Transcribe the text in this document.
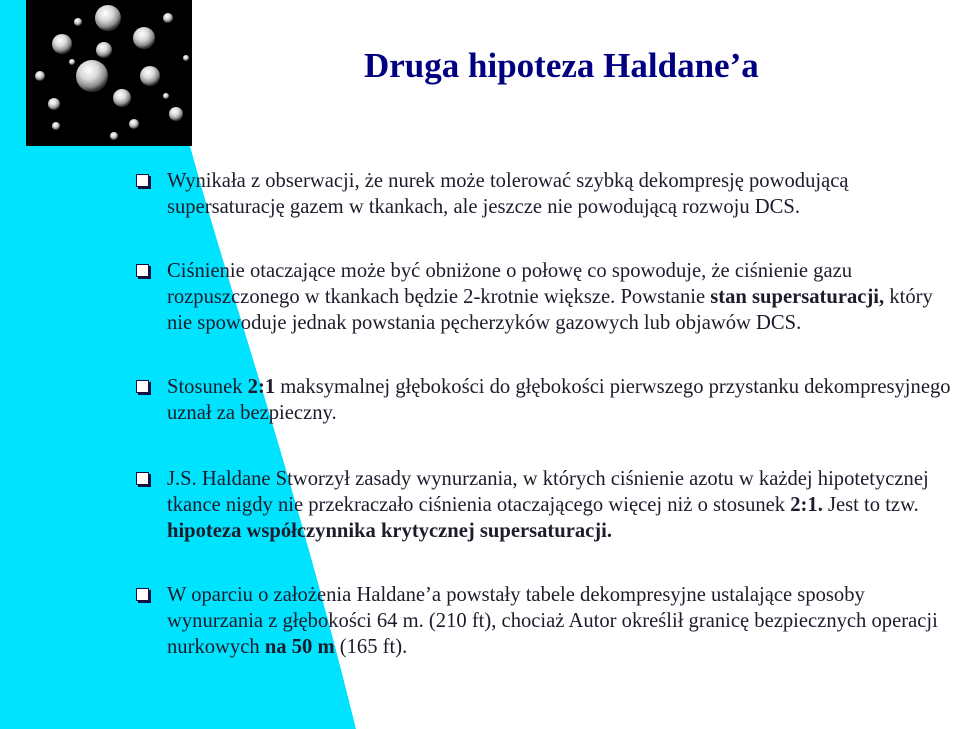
Druga hipoteza Haldane’a
Wynikała z obserwacji, że nurek może tolerować szybką dekompresję powodującą supersaturację gazem w tkankach, ale jeszcze nie powodującą rozwoju DCS.
Ciśnienie otaczające może być obniżone o połowę co spowoduje, że ciśnienie gazu rozpuszczonego w tkankach będzie 2-krotnie większe. Powstanie stan supersaturacji, który nie spowoduje jednak powstania pęcherzyków gazowych lub objawów DCS.
Stosunek 2:1 maksymalnej głębokości do głębokości pierwszego przystanku dekompresyjnego uznał za bezpieczny.
J.S. Haldane Stworzył zasady wynurzania, w których ciśnienie azotu w każdej hipotetycznej tkance nigdy nie przekraczało ciśnienia otaczającego więcej niż o stosunek 2:1. Jest to tzw. hipoteza współczynnika krytycznej supersaturacji.
W oparciu o założenia Haldane’a powstały tabele dekompresyjne ustalające sposoby wynurzania z głębokości 64 m. (210 ft), chociaż Autor określił granicę bezpiecznych operacji nurkowych na 50 m (165 ft).
